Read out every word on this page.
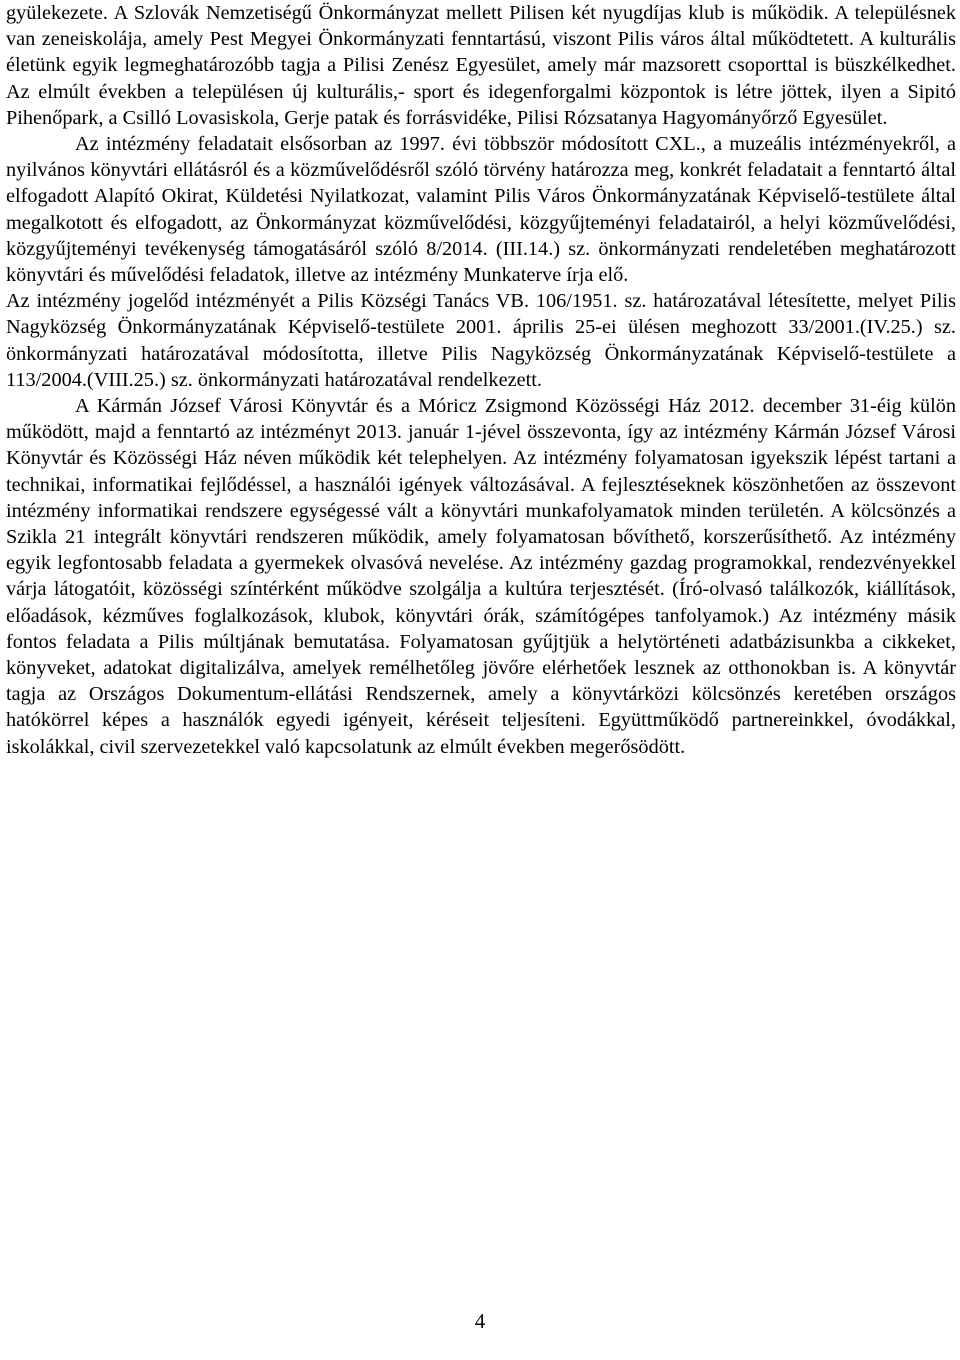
gyülekezete. A Szlovák Nemzetiségű Önkormányzat mellett Pilisen két nyugdíjas klub is működik. A településnek van zeneiskolája, amely Pest Megyei Önkormányzati fenntartású, viszont Pilis város által működtetett. A kulturális életünk egyik legmeghatározóbb tagja a Pilisi Zenész Egyesület, amely már mazsorett csoporttal is büszkélkedhet. Az elmúlt években a településen új kulturális,- sport és idegenforgalmi központok is létre jöttek, ilyen a Sipitó Pihenőpark, a Csilló Lovasiskola, Gerje patak és forrásvidéke, Pilisi Rózsatanya Hagyományőrző Egyesület.

Az intézmény feladatait elsősorban az 1997. évi többször módosított CXL., a muzeális intézményekről, a nyilvános könyvtári ellátásról és a közművelődésről szóló törvény határozza meg, konkrét feladatait a fenntartó által elfogadott Alapító Okirat, Küldetési Nyilatkozat, valamint Pilis Város Önkormányzatának Képviselő-testülete által megalkotott és elfogadott, az Önkormányzat közművelődési, közgyűjteményi feladatairól, a helyi közművelődési, közgyűjteményi tevékenység támogatásáról szóló 8/2014. (III.14.) sz. önkormányzati rendeletében meghatározott könyvtári és művelődési feladatok, illetve az intézmény Munkaterve írja elő.

Az intézmény jogelőd intézményét a Pilis Községi Tanács VB. 106/1951. sz. határozatával létesítette, melyet Pilis Nagyközség Önkormányzatának Képviselő-testülete 2001. április 25-ei ülésen meghozott 33/2001.(IV.25.) sz. önkormányzati határozatával módosította, illetve Pilis Nagyközség Önkormányzatának Képviselő-testülete a 113/2004.(VIII.25.) sz. önkormányzati határozatával rendelkezett.

A Kármán József Városi Könyvtár és a Móricz Zsigmond Közösségi Ház 2012. december 31-éig külön működött, majd a fenntartó az intézményt 2013. január 1-jével összevonta, így az intézmény Kármán József Városi Könyvtár és Közösségi Ház néven működik két telephelyen. Az intézmény folyamatosan igyekszik lépést tartani a technikai, informatikai fejlődéssel, a használói igények változásával. A fejlesztéseknek köszönhetően az összevont intézmény informatikai rendszere egységessé vált a könyvtári munkafolyamatok minden területén. A kölcsönzés a Szikla 21 integrált könyvtári rendszeren működik, amely folyamatosan bővíthető, korszerűsíthető. Az intézmény egyik legfontosabb feladata a gyermekek olvasóvá nevelése. Az intézmény gazdag programokkal, rendezvényekkel várja látogatóit, közösségi színtérként működve szolgálja a kultúra terjesztését. (Író-olvasó találkozók, kiállítások, előadások, kézműves foglalkozások, klubok, könyvtári órák, számítógépes tanfolyamok.) Az intézmény másik fontos feladata a Pilis múltjának bemutatása. Folyamatosan gyűjtjük a helytörténeti adatbázisunkba a cikkeket, könyveket, adatokat digitalizálva, amelyek remélhetőleg jövőre elérhetőek lesznek az otthonokban is. A könyvtár tagja az Országos Dokumentum-ellátási Rendszernek, amely a könyvtárközi kölcsönzés keretében országos hatókörrel képes a használók egyedi igényeit, kéréseit teljesíteni. Együttműködő partnereinkkel, óvodákkal, iskolákkal, civil szervezetekkel való kapcsolatunk az elmúlt években megerősödött.

4
